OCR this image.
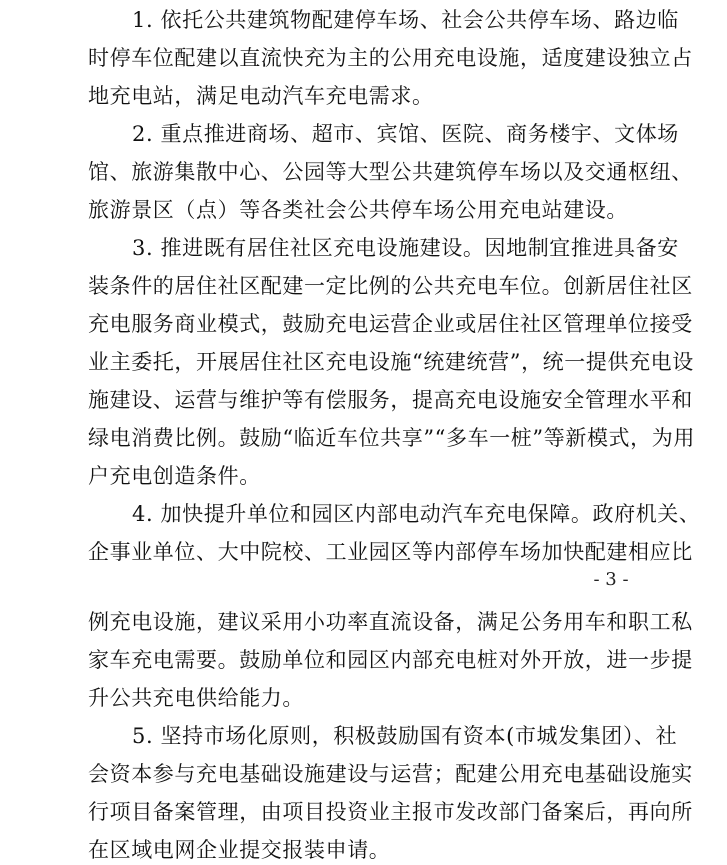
1. 依托公共建筑物配建停车场、社会公共停车场、路边临
时停车位配建以直流快充为主的公用充电设施，适度建设独立占
地充电站，满足电动汽车充电需求。
2. 重点推进商场、超市、宾馆、医院、商务楼宇、文体场
馆、旅游集散中心、公园等大型公共建筑停车场以及交通枢纽、
旅游景区（点）等各类社会公共停车场公用充电站建设。
3. 推进既有居住社区充电设施建设。因地制宜推进具备安
装条件的居住社区配建一定比例的公共充电车位。创新居住社区
充电服务商业模式，鼓励充电运营企业或居住社区管理单位接受
业主委托，开展居住社区充电设施“统建统营”，统一提供充电设
施建设、运营与维护等有偿服务，提高充电设施安全管理水平和
绿电消费比例。鼓励“临近车位共享”“多车一桩”等新模式，为用
户充电创造条件。
4. 加快提升单位和园区内部电动汽车充电保障。政府机关、
企事业单位、大中院校、工业园区等内部停车场加快配建相应比
- 3 -
例充电设施，建议采用小功率直流设备，满足公务用车和职工私
家车充电需要。鼓励单位和园区内部充电桩对外开放，进一步提
升公共充电供给能力。
5. 坚持市场化原则，积极鼓励国有资本(市城发集团）、社
会资本参与充电基础设施建设与运营；配建公用充电基础设施实
行项目备案管理，由项目投资业主报市发改部门备案后，再向所
在区域电网企业提交报装申请。
